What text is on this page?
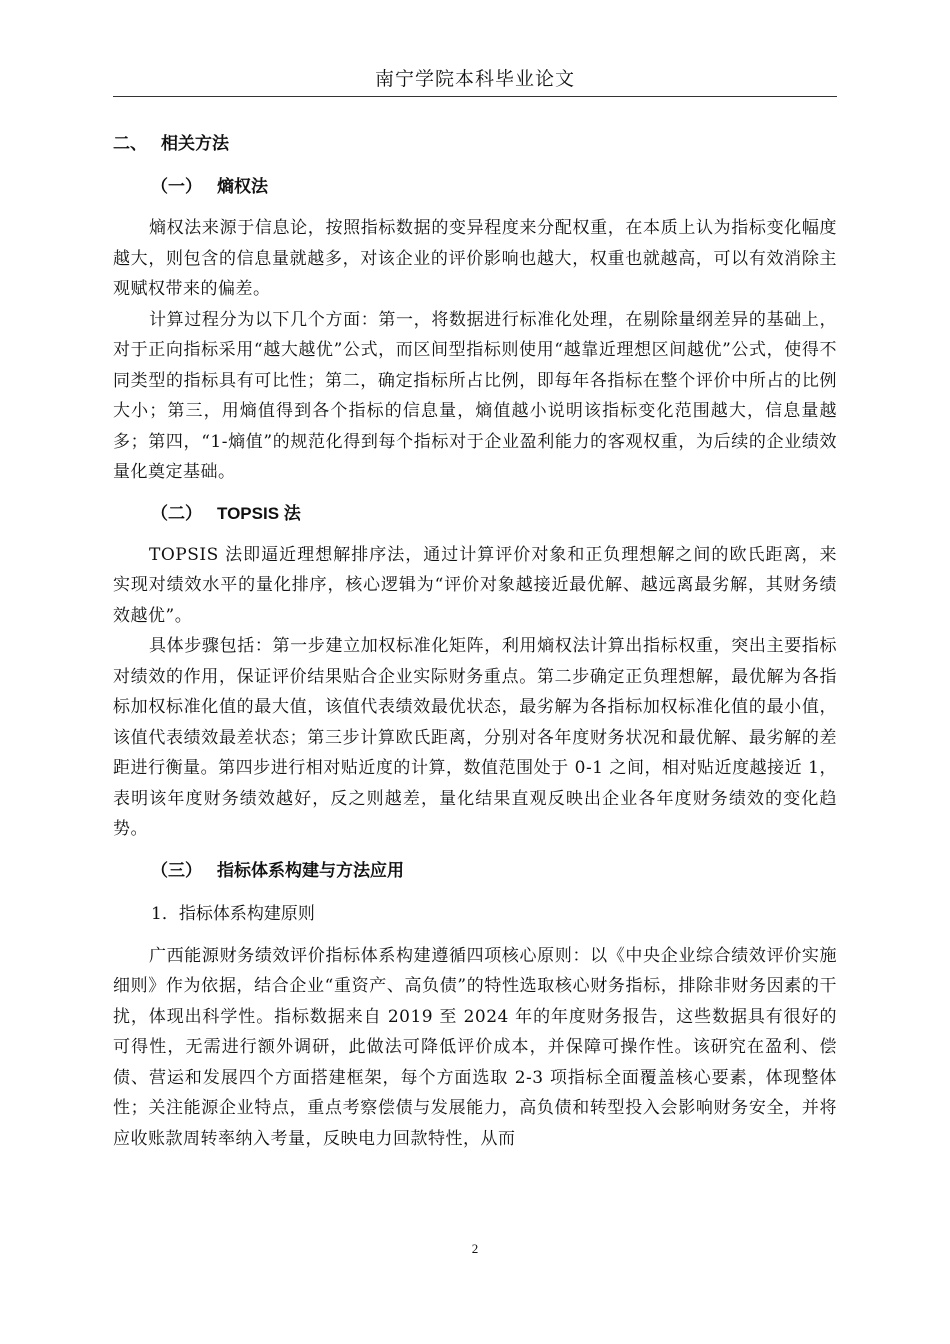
南宁学院本科毕业论文
二、 相关方法
（一） 熵权法

熵权法来源于信息论，按照指标数据的变异程度来分配权重，在本质上认为指标变化幅度越大，则包含的信息量就越多，对该企业的评价影响也越大，权重也就越高，可以有效消除主观赋权带来的偏差。

计算过程分为以下几个方面：第一，将数据进行标准化处理，在剔除量纲差异的基础上，对于正向指标采用“越大越优”公式，而区间型指标则使用“越靠近理想区间越优”公式，使得不同类型的指标具有可比性；第二，确定指标所占比例，即每年各指标在整个评价中所占的比例大小；第三，用熵值得到各个指标的信息量，熵值越小说明该指标变化范围越大，信息量越多；第四，“1-熵值”的规范化得到每个指标对于企业盈利能力的客观权重，为后续的企业绩效量化奠定基础。

（二） TOPSIS 法

TOPSIS 法即逼近理想解排序法，通过计算评价对象和正负理想解之间的欧氏距离，来实现对绩效水平的量化排序，核心逻辑为“评价对象越接近最优解、越远离最劣解，其财务绩效越优”。

具体步骤包括：第一步建立加权标准化矩阵，利用熵权法计算出指标权重，突出主要指标对绩效的作用，保证评价结果贴合企业实际财务重点。第二步确定正负理想解，最优解为各指标加权标准化值的最大值，该值代表绩效最优状态，最劣解为各指标加权标准化值的最小值，该值代表绩效最差状态；第三步计算欧氏距离，分别对各年度财务状况和最优解、最劣解的差距进行衡量。第四步进行相对贴近度的计算，数值范围处于 0-1 之间，相对贴近度越接近 1，表明该年度财务绩效越好，反之则越差，量化结果直观反映出企业各年度财务绩效的变化趋势。

（三） 指标体系构建与方法应用
1．指标体系构建原则

广西能源财务绩效评价指标体系构建遵循四项核心原则：以《中央企业综合绩效评价实施细则》作为依据，结合企业“重资产、高负债”的特性选取核心财务指标，排除非财务因素的干扰，体现出科学性。指标数据来自 2019 至 2024 年的年度财务报告，这些数据具有很好的可得性，无需进行额外调研，此做法可降低评价成本，并保障可操作性。该研究在盈利、偿债、营运和发展四个方面搭建框架，每个方面选取 2-3 项指标全面覆盖核心要素，体现整体性；关注能源企业特点，重点考察偿债与发展能力，高负债和转型投入会影响财务安全，并将应收账款周转率纳入考量，反映电力回款特性，从而

2
